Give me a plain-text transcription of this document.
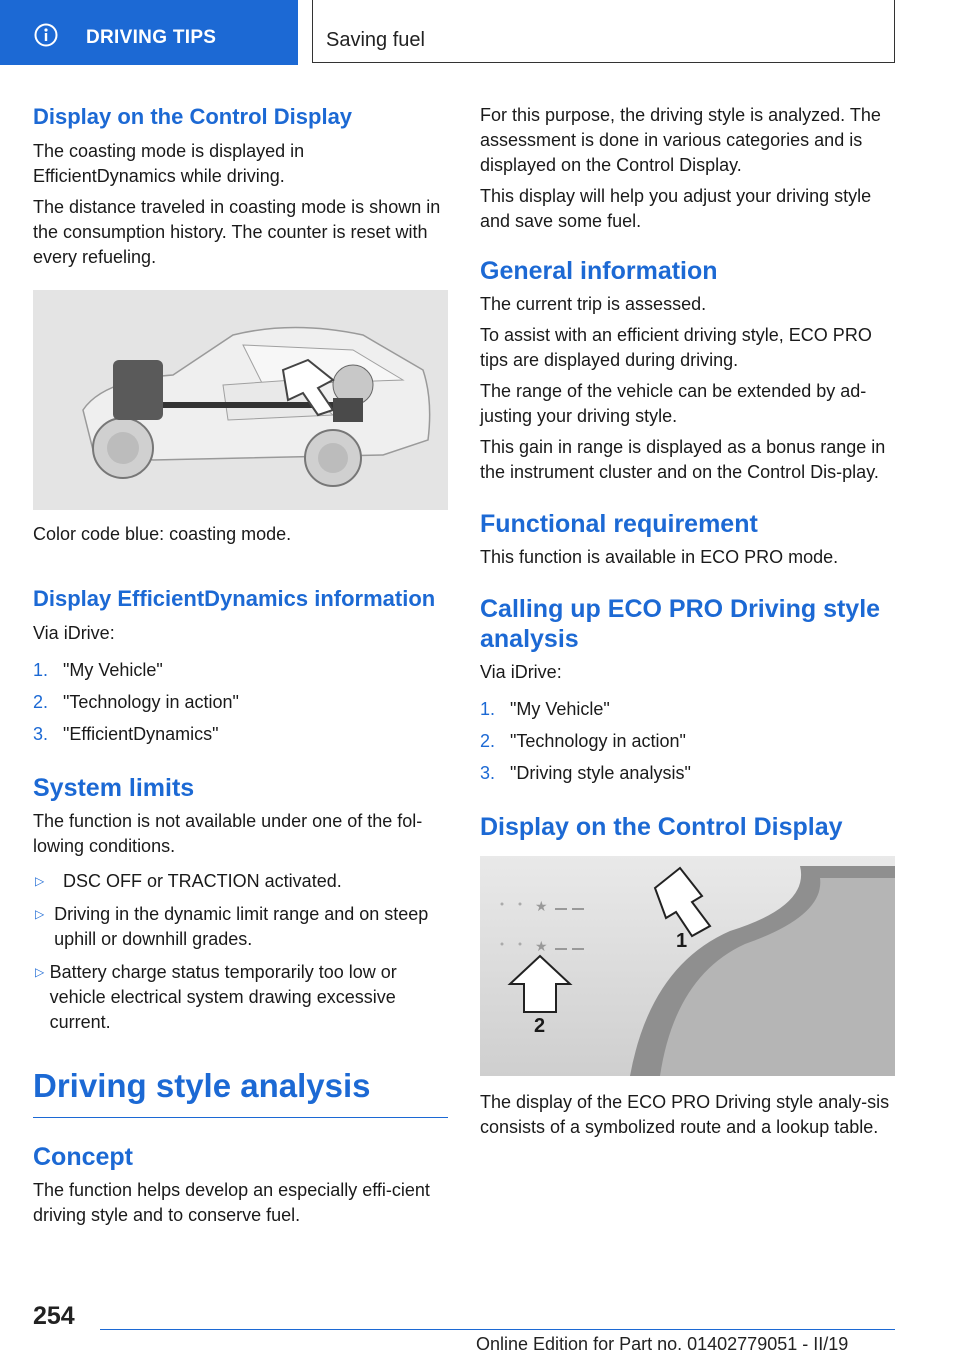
DRIVING TIPS	Saving fuel
Display on the Control Display

The coasting mode is displayed in EfficientDynamics while driving.

The distance traveled in coasting mode is shown in the consumption history. The counter is reset with every refueling.

Color code blue: coasting mode.

Display EfficientDynamics information

Via iDrive:

1. "My Vehicle"
2. "Technology in action"
3. "EfficientDynamics"
System limits

The function is not available under one of the fol-lowing conditions.

▷	DSC OFF or TRACTION activated.
▷ Driving in the dynamic limit range and on steep uphill or downhill grades.
▷ Battery charge status temporarily too low or vehicle electrical system drawing excessive current.
Driving style analysis
Concept

The function helps develop an especially effi-cient driving style and to conserve fuel.

For this purpose, the driving style is analyzed. The assessment is done in various categories and is displayed on the Control Display.

This display will help you adjust your driving style and save some fuel.

General information

The current trip is assessed.

To assist with an efficient driving style, ECO PRO tips are displayed during driving.

The range of the vehicle can be extended by ad-justing your driving style.

This gain in range is displayed as a bonus range in the instrument cluster and on the Control Dis-play.

Functional requirement

This function is available in ECO PRO mode.

Calling up ECO PRO Driving style analysis

Via iDrive:

1. "My Vehicle"
2. "Technology in action"
3. "Driving style analysis"
Display on the Control Display
★
★

The display of the ECO PRO Driving style analy-sis consists of a symbolized route and a lookup table.

1
2
254
Online Edition for Part no. 01402779051 - II/19
